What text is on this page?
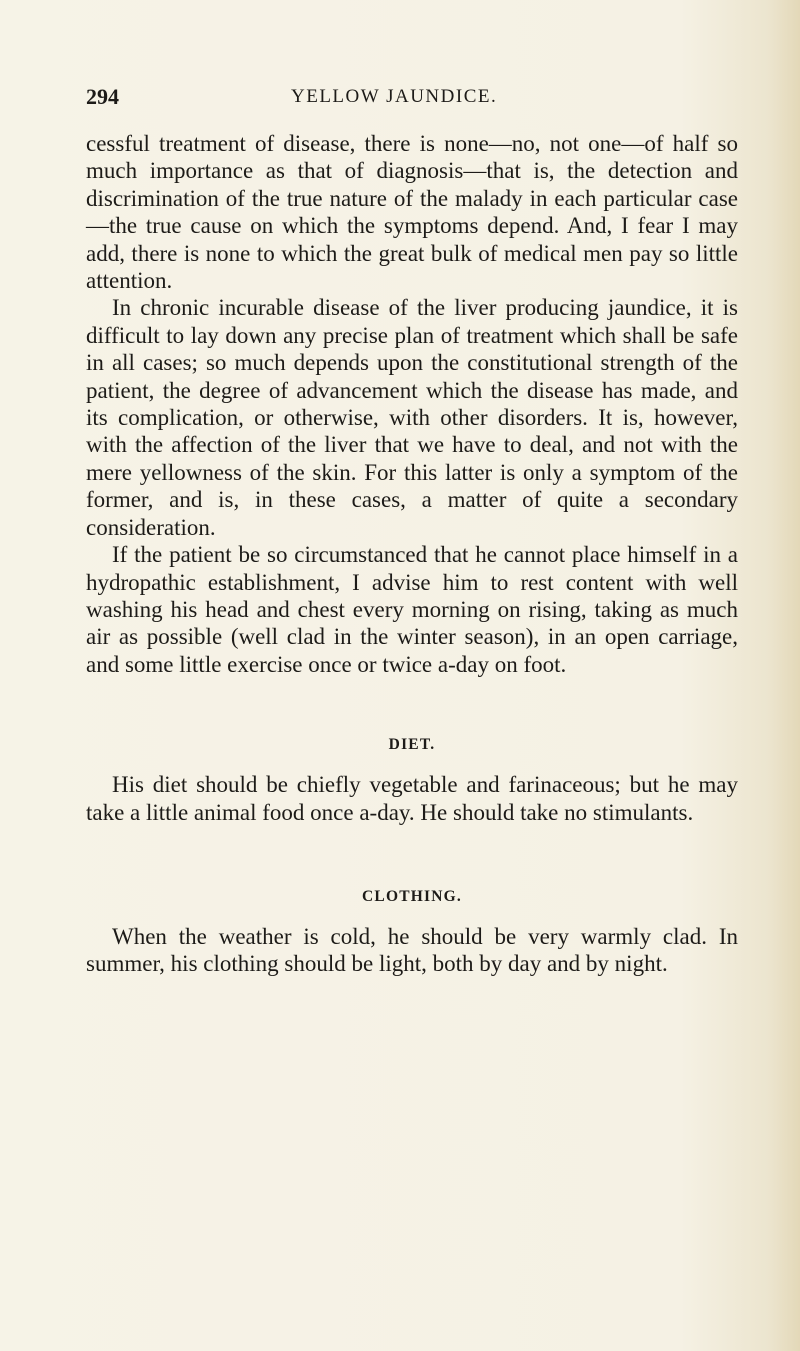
294	YELLOW JAUNDICE.

cessful treatment of disease, there is none—no, not one—of half so much importance as that of diagnosis—that is, the detection and discrimination of the true nature of the malady in each particular case—the true cause on which the symptoms depend. And, I fear I may add, there is none to which the great bulk of medical men pay so little attention.

In chronic incurable disease of the liver producing jaundice, it is difficult to lay down any precise plan of treatment which shall be safe in all cases; so much depends upon the constitutional strength of the patient, the degree of advancement which the disease has made, and its complication, or otherwise, with other disorders. It is, however, with the affection of the liver that we have to deal, and not with the mere yellowness of the skin. For this latter is only a symptom of the former, and is, in these cases, a matter of quite a secondary consideration.

If the patient be so circumstanced that he cannot place himself in a hydropathic establishment, I advise him to rest content with well washing his head and chest every morning on rising, taking as much air as possible (well clad in the winter season), in an open carriage, and some little exercise once or twice a-day on foot.

DIET.

His diet should be chiefly vegetable and farinaceous; but he may take a little animal food once a-day. He should take no stimulants.

CLOTHING.

When the weather is cold, he should be very warmly clad. In summer, his clothing should be light, both by day and by night.
